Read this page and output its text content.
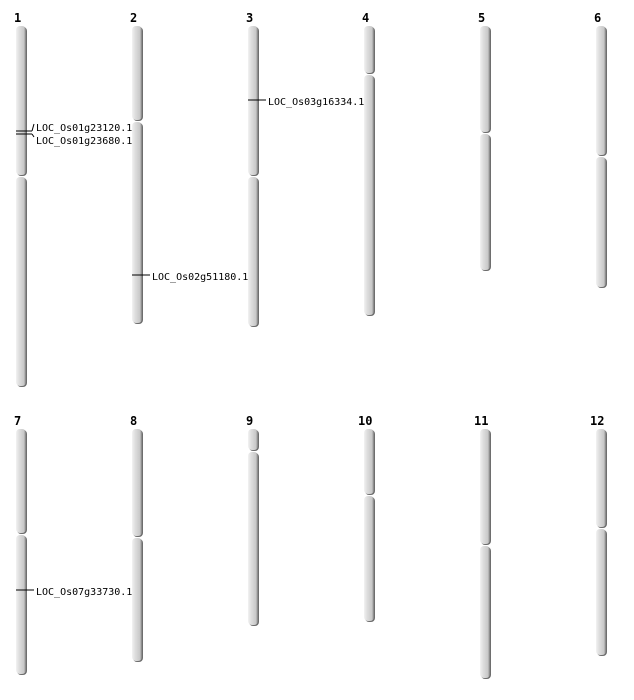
1	2	3	4	5	6
7	8	9	10	11	12
LOC_Os01g23120.1
LOC_Os01g23680.1
LOC_Os02g51180.1
LOC_Os03g16334.1
LOC_Os07g33730.1
